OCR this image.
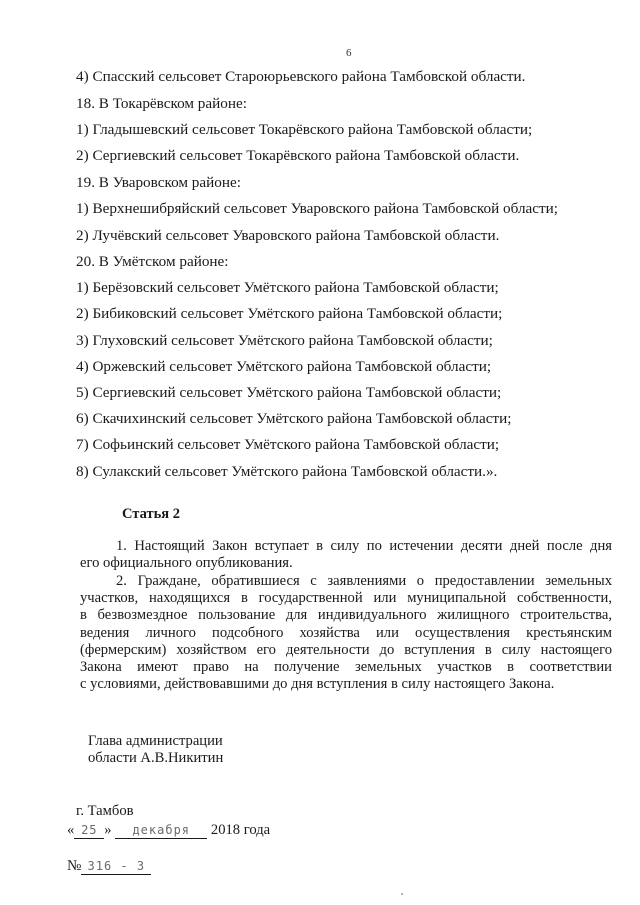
6
4) Спасский сельсовет Староюрьевского района Тамбовской области.
18. В Токарёвском районе:
1) Гладышевский сельсовет Токарёвского района Тамбовской области;
2) Сергиевский сельсовет Токарёвского района Тамбовской области.
19. В Уваровском районе:
1) Верхнешибряйский сельсовет Уваровского района Тамбовской области;
2) Лучёвский сельсовет Уваровского района Тамбовской области.
20. В Умётском районе:
1) Берёзовский сельсовет Умётского района Тамбовской области;
2) Бибиковский сельсовет Умётского района Тамбовской области;
3) Глуховский сельсовет Умётского района Тамбовской области;
4) Оржевский сельсовет Умётского района Тамбовской области;
5) Сергиевский сельсовет Умётского района Тамбовской области;
6) Скачихинский сельсовет Умётского района Тамбовской области;
7) Софьинский сельсовет Умётского района Тамбовской области;
8) Сулакский сельсовет Умётского района Тамбовской области.».
Статья 2
1. Настоящий Закон вступает в силу по истечении десяти дней после дня
его официального опубликования.
2. Граждане, обратившиеся с заявлениями о предоставлении земельных
участков, находящихся в государственной или муниципальной собственности,
в безвозмездное пользование для индивидуального жилищного строительства,
ведения личного подсобного хозяйства или осуществления крестьянским
(фермерским) хозяйством его деятельности до вступления в силу настоящего
Закона имеют право на получение земельных участков в соответствии
с условиями, действовавшими до дня вступления в силу настоящего Закона.
Глава администрации
области А.В.Никитин
г. Тамбов
« 25 » декабря 2018 года
№ 316 - З
